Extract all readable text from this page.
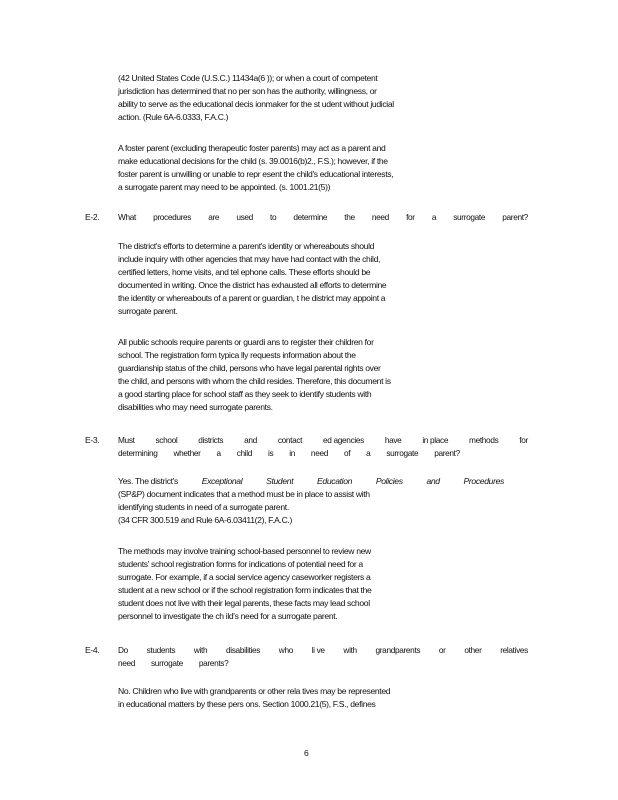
(42 United States Code (U.S.C.) 11434a(6 )); or when a court of competent
jurisdiction has determined that no per son has the authority, willingness, or
ability to serve as the educational decis ionmaker for the st udent without judicial
action. (Rule 6A-6.0333, F.A.C.)
A foster parent (excluding therapeutic foster parents) may act as a parent and
make educational decisions for the child (s. 39.0016(b)2., F.S.); however, if the
foster parent is unwilling or unable to repr esent the child's educational interests,
a surrogate parent may need to be appointed. (s. 1001.21(5))
E-2. What procedures are used to determine the need for a surrogate parent?
The district's efforts to determine a parent's identity or whereabouts should
include inquiry with other agencies that may have had contact with the child,
certified letters, home visits, and tel ephone calls. These efforts should be
documented in writing. Once the district has exhausted all efforts to determine
the identity or whereabouts of a parent or guardian, t he district may appoint a
surrogate parent.
All public schools require parents or guardi ans to register their children for
school. The registration form typica lly requests information about the
guardianship status of the child, persons who have legal parental rights over
the child, and persons with whom the child resides. Therefore, this document is
a good starting place for school staff as they seek to identify students with
disabilities who may need surrogate parents.
E-3. Must	school	districts	and	contact	ed agencies	have	in place	methods	for
determining whether a child is in need of a surrogate parent?
Yes. The district's	Exceptional	Student	Education	Policies	and	Procedures
(SP&P) document indicates that a method must be in place to assist with
identifying students in need of a surrogate parent.
(34 CFR 300.519 and Rule 6A-6.03411(2), F.A.C.)
The methods may involve training school-based personnel to review new
students' school registration forms for indications of potential need for a
surrogate. For example, if a social service agency caseworker registers a
student at a new school or if the school registration form indicates that the
student does not live with their legal parents, these facts may lead school
personnel to investigate the ch ild's need for a surrogate parent.
E-4. Do students with disabilities who li ve with grandparents or other relatives
need surrogate parents?
No. Children who live with grandparents or other rela tives may be represented
in educational matters by these pers ons. Section 1000.21(5), F.S., defines
6
